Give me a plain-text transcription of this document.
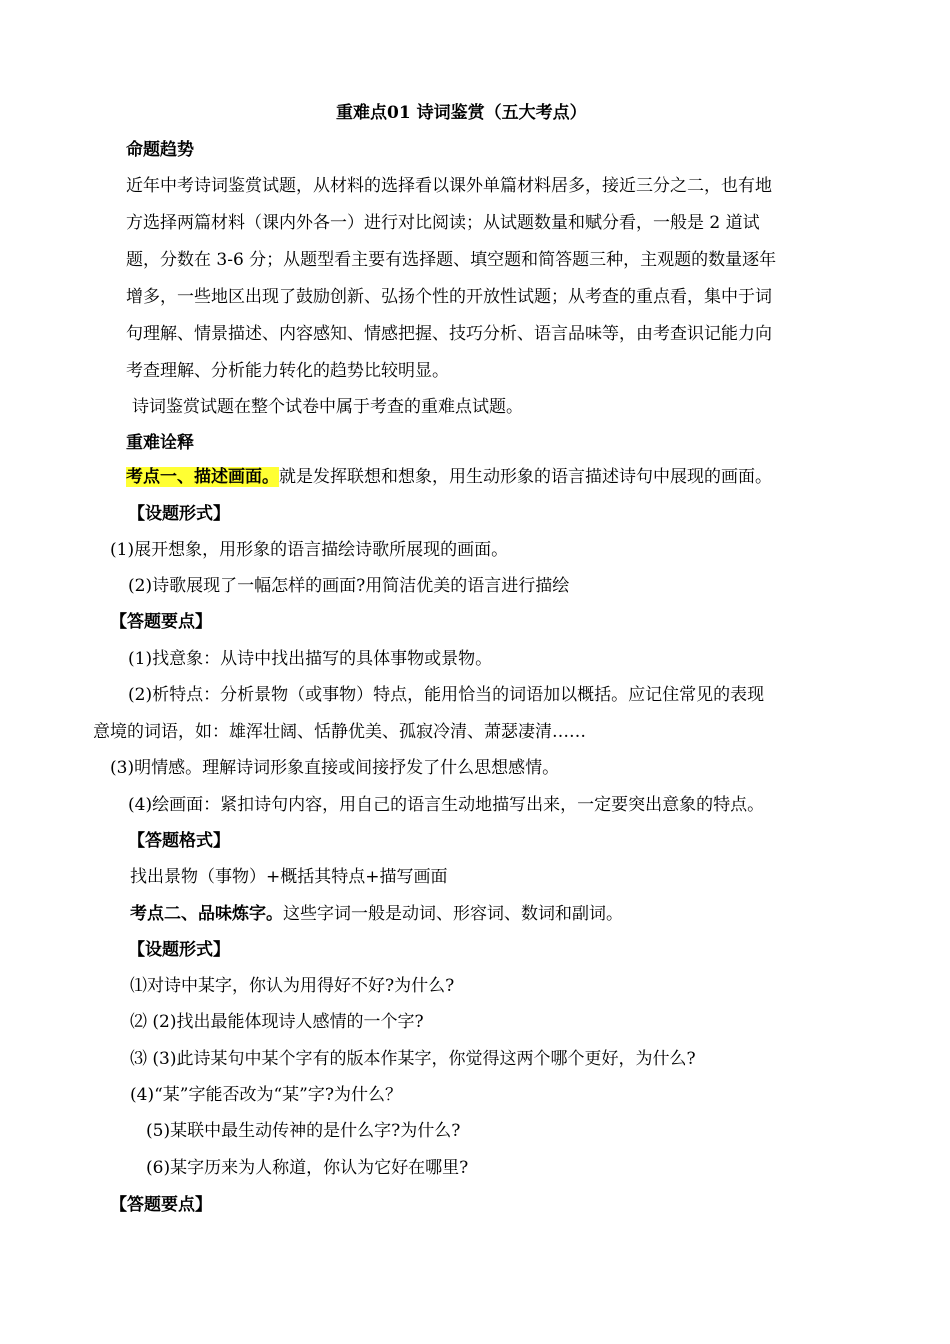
重难点01 诗词鉴赏（五大考点）
命题趋势
近年中考诗词鉴赏试题，从材料的选择看以课外单篇材料居多，接近三分之二，也有地
方选择两篇材料（课内外各一）进行对比阅读；从试题数量和赋分看，一般是 2 道试
题，分数在 3-6 分；从题型看主要有选择题、填空题和简答题三种，主观题的数量逐年
增多，一些地区出现了鼓励创新、弘扬个性的开放性试题；从考查的重点看，集中于词
句理解、情景描述、内容感知、情感把握、技巧分析、语言品味等，由考查识记能力向
考查理解、分析能力转化的趋势比较明显。
诗词鉴赏试题在整个试卷中属于考查的重难点试题。
重难诠释
考点一、描述画面。就是发挥联想和想象，用生动形象的语言描述诗句中展现的画面。
【设题形式】
(1)展开想象，用形象的语言描绘诗歌所展现的画面。
(2)诗歌展现了一幅怎样的画面?用简洁优美的语言进行描绘
【答题要点】
(1)找意象：从诗中找出描写的具体事物或景物。
(2)析特点：分析景物（或事物）特点，能用恰当的词语加以概括。应记住常见的表现
意境的词语，如：雄浑壮阔、恬静优美、孤寂冷清、萧瑟凄清……
(3)明情感。理解诗词形象直接或间接抒发了什么思想感情。
(4)绘画面：紧扣诗句内容，用自己的语言生动地描写出来，一定要突出意象的特点。
【答题格式】
找出景物（事物）+概括其特点+描写画面
考点二、品味炼字。这些字词一般是动词、形容词、数词和副词。
【设题形式】
⑴对诗中某字，你认为用得好不好?为什么?
⑵ (2)找出最能体现诗人感情的一个字?
⑶ (3)此诗某句中某个字有的版本作某字，你觉得这两个哪个更好，为什么?
(4)“某”字能否改为“某”字?为什么？
(5)某联中最生动传神的是什么字?为什么?
(6)某字历来为人称道，你认为它好在哪里?
【答题要点】
